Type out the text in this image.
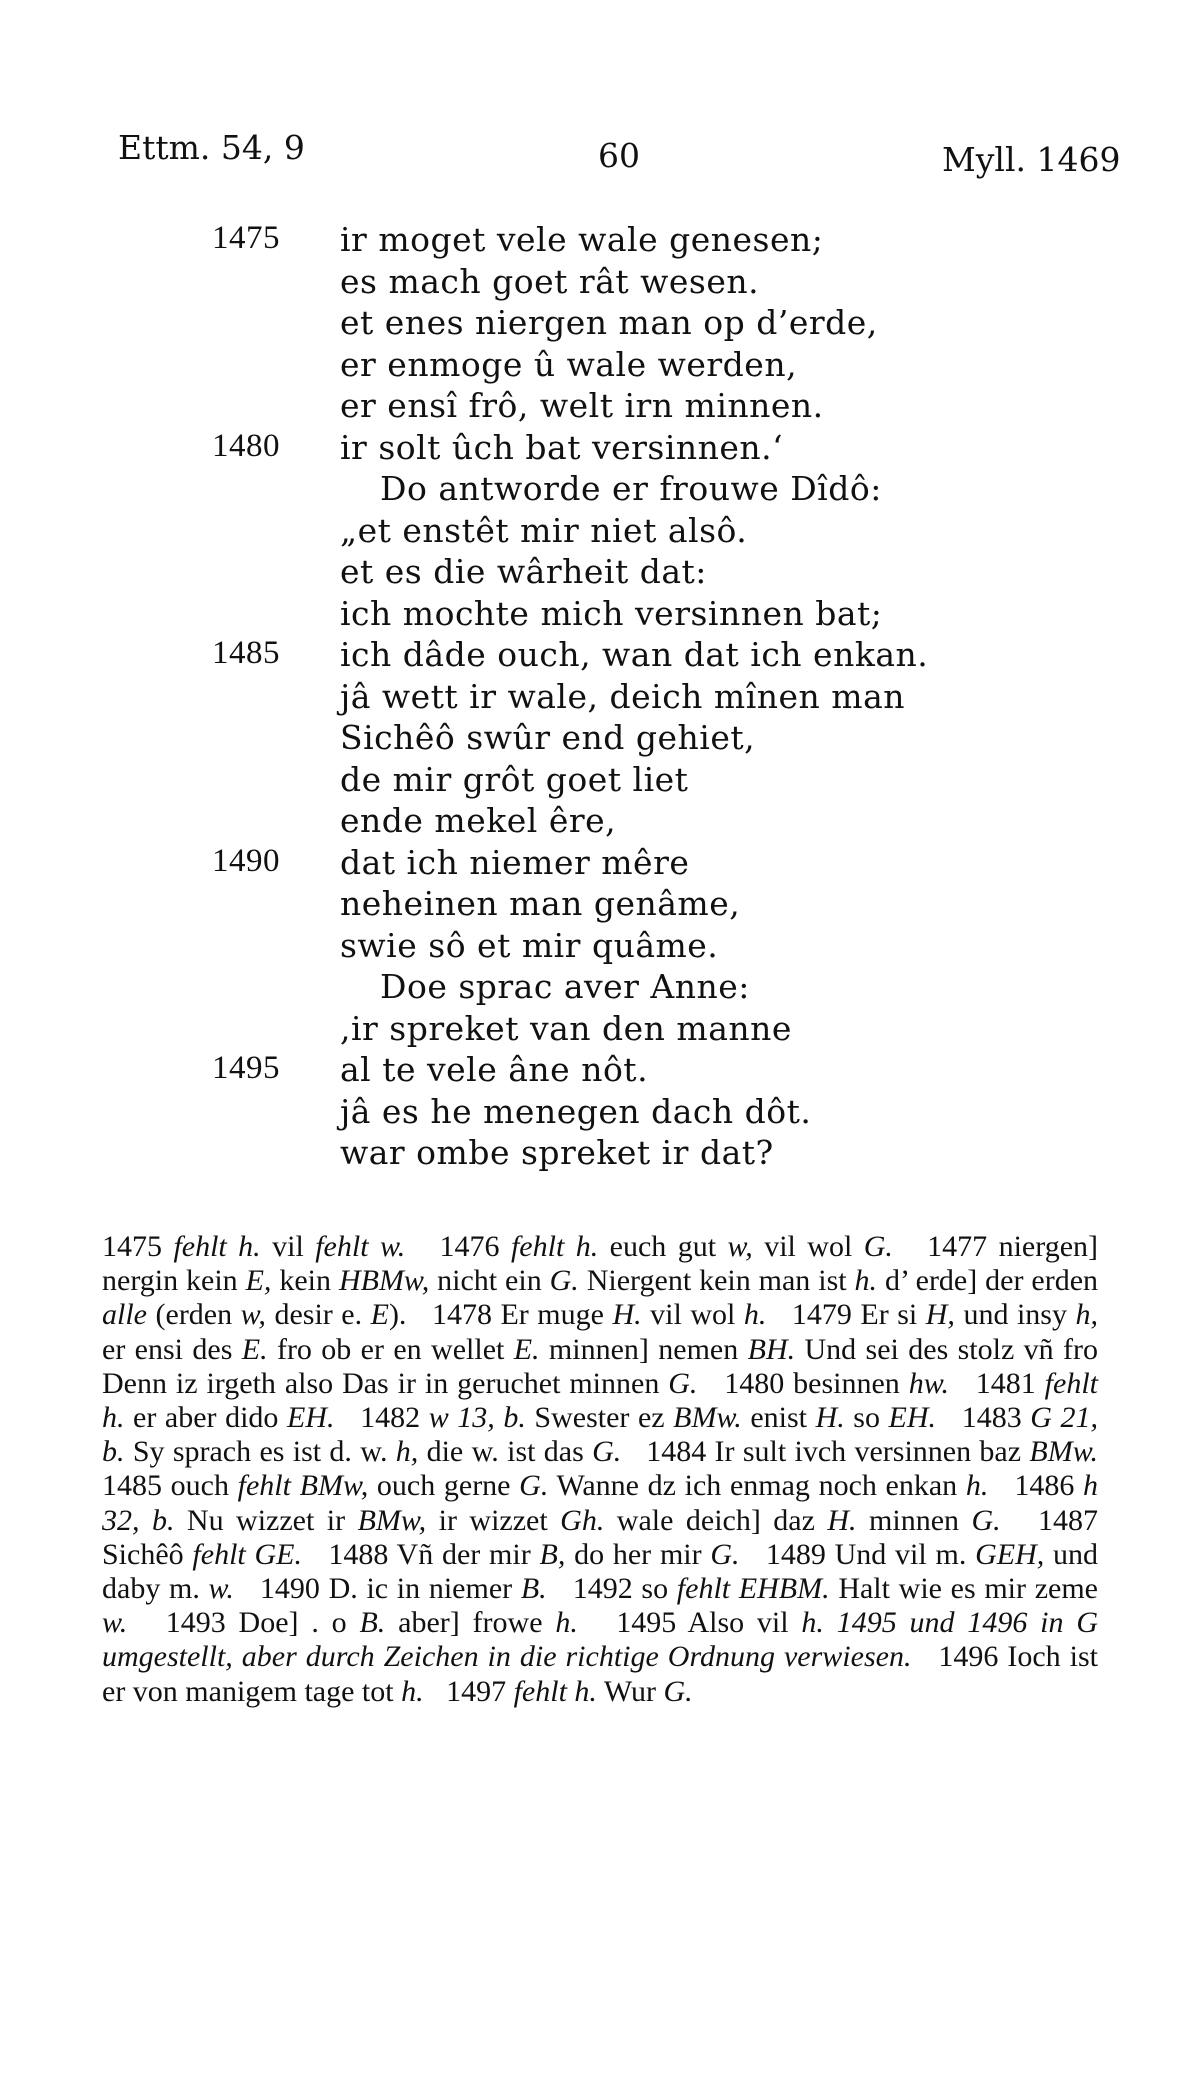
Ettm. 54, 9	60	Myll. 1469
1475 ir moget vele wale genesen;
es mach goet rât wesen.
et enes niergen man op d’erde,
er enmoge û wale werden,
er ensî frô, welt irn minnen.
1480 ir solt ûch bat versinnen.‘
Do antworde er frouwe Dîdô:
„et enstêt mir niet alsô.
et es die wârheit dat:
ich mochte mich versinnen bat;
1485 ich dâde ouch, wan dat ich enkan.
jâ wett ir wale, deich mînen man
Sichêô swûr end gehiet,
de mir grôt goet liet
ende mekel êre,
1490 dat ich niemer mêre
neheinen man genâme,
swie sô et mir quâme.
Doe sprac aver Anne:
,ir spreket van den manne
1495 al te vele âne nôt.
jâ es he menegen dach dôt.
war ombe spreket ir dat?
1475 fehlt h. vil fehlt w.   1476 fehlt h. euch gut w, vil wol G.   1477 niergen] nergin kein E, kein HBMw, nicht ein G. Niergent kein man ist h. d’ erde] der erden alle (erden w, desir e. E).   1478 Er muge H. vil wol h.   1479 Er si H, und insy h, er ensi des E. fro ob er en wellet E. minnen] nemen BH. Und sei des stolz vñ fro Denn iz irgeth also Das ir in geruchet minnen G.   1480 besinnen hw.   1481 fehlt h. er aber dido EH.   1482 w 13, b. Swester ez BMw. enist H. so EH.   1483 G 21, b. Sy sprach es ist d. w. h, die w. ist das G.   1484 Ir sult ivch versinnen baz BMw.   1485 ouch fehlt BMw, ouch gerne G. Wanne dz ich enmag noch enkan h.   1486 h 32, b. Nu wizzet ir BMw, ir wizzet Gh. wale deich] daz H. minnen G.   1487 Sichêô fehlt GE.   1488 Vñ der mir B, do her mir G.   1489 Und vil m. GEH, und daby m. w.   1490 D. ic in niemer B.   1492 so fehlt EHBM. Halt wie es mir zeme w.   1493 Doe] . o B. aber] frowe h.   1495 Also vil h. 1495 und 1496 in G umgestellt, aber durch Zeichen in die richtige Ordnung verwiesen.   1496 Ioch ist er von manigem tage tot h.   1497 fehlt h. Wur G.
